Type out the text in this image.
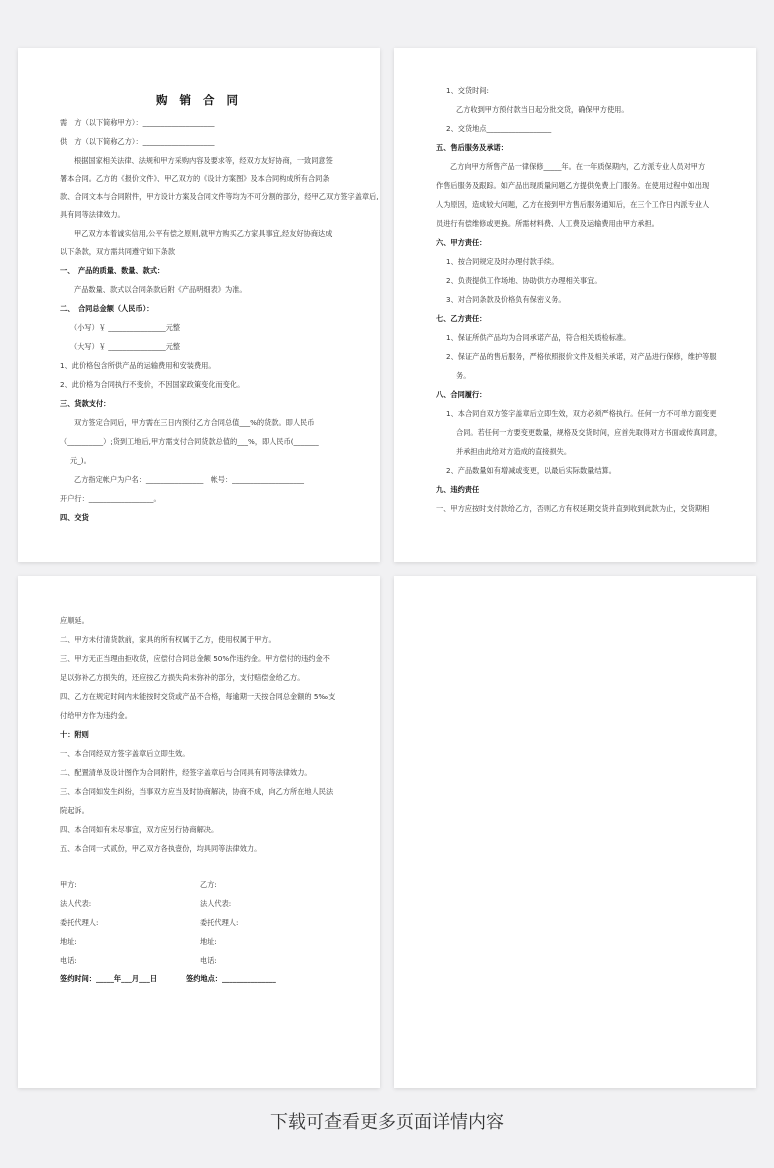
购 销 合 同
需　方（以下简称甲方）：____________________
供　方（以下简称乙方）：____________________
根据国家相关法律、法规和甲方采购内容及要求等，经双方友好协商，一致同意签
署本合同。乙方的《报价文件》、甲乙双方的《设计方案图》及本合同构成所有合同条
款、合同文本与合同附件，甲方设计方案及合同文件等均为不可分割的部分，经甲乙双方签字盖章后,
具有同等法律效力。
甲乙双方本着诚实信用,公平有偿之原则,就甲方购买乙方家具事宜,经友好协商达成
以下条款，双方需共同遵守如下条款
一、　产品的质量、数量、款式：
产品数量、款式以合同条款后附《产品明细表》为准。
二、　合同总金额（人民币）：
（小写）￥ ________________元整
（大写）￥ ________________元整
1、此价格包含所供产品的运输费用和安装费用。
2、此价格为合同执行不变价，不因国家政策变化而变化。
三、货款支付：
双方签定合同后，甲方需在三日内预付乙方合同总值___%的货款。即人民币
（__________）;货到工地后,甲方需支付合同货款总值的___%，即人民币(_______
元_)。
乙方指定帐户为户名：________________　帐号：____________________
开户行：__________________。
四、交货
1、交货时间:
乙方收到甲方预付款当日起分批交货，确保甲方使用。
2、交货地点__________________
五、售后服务及承诺：
乙方向甲方所售产品一律保修_____年。在一年质保期内，乙方派专业人员对甲方
作售后服务及跟踪。如产品出现质量问题乙方提供免费上门服务。在使用过程中如出现
人为原因，造成较大问题，乙方在接到甲方售后服务通知后，在三个工作日内派专业人
员进行有偿维修或更换。所需材料费、人工费及运输费用由甲方承担。
六、甲方责任：
1、按合同规定及时办理付款手续。
2、负责提供工作场地、协助供方办理相关事宜。
3、对合同条款及价格负有保密义务。
七、乙方责任：
1、保证所供产品均为合同承诺产品，符合相关质检标准。
2、保证产品的售后服务，严格依照报价文件及相关承诺，对产品进行保修，维护等服
务。
八、合同履行：
1、本合同自双方签字盖章后立即生效，双方必须严格执行。任何一方不可单方面变更
合同。若任何一方要变更数量，规格及交货时间，应首先取得对方书面或传真同意，
并承担由此给对方造成的直接损失。
2、产品数量如有增减或变更，以最后实际数量结算。
九、违约责任
一、甲方应按时支付款给乙方，否则乙方有权延期交货并直到收到此款为止，交货期相
甲方:
法人代表:
委托代理人:
地址:
电话:
乙方:
法人代表:
委托代理人:
地址:
电话:
签约时间：_____年___月___日	签约地点：_______________
应顺延。
二、甲方未付清货款前，家具的所有权属于乙方，使用权属于甲方。
三、甲方无正当理由拒收货，应偿付合同总金额 50%作违约金。甲方偿付的违约金不
足以弥补乙方损失的，还应按乙方损失尚未弥补的部分，支付赔偿金给乙方。
四、乙方在规定时间内未能按时交货或产品不合格，每逾期一天按合同总金额的 5‰支
付给甲方作为违约金。
十：附则
一、本合同经双方签字盖章后立即生效。
二、配置清单及设计图作为合同附件，经签字盖章后与合同具有同等法律效力。
三、本合同如发生纠纷，当事双方应当及时协商解决，协商不成，向乙方所在地人民法
院起诉。
四、本合同如有未尽事宜，双方应另行协商解决。
五、本合同一式贰份，甲乙双方各执壹份，均具同等法律效力。
下载可查看更多页面详情内容
